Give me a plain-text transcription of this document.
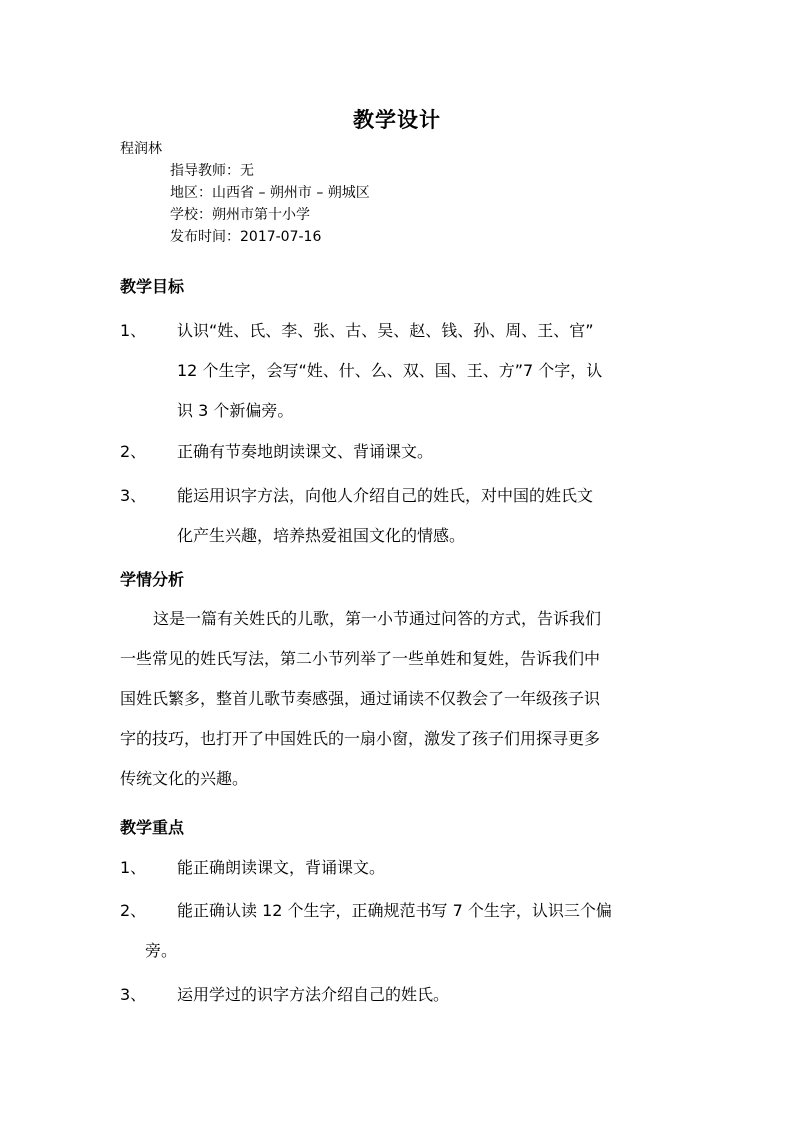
教学设计
程润林
指导教师：无
地区：山西省 – 朔州市 – 朔城区
学校：朔州市第十小学
发布时间：2017-07-16
教学目标
1、 认识“姓、氏、李、张、古、吴、赵、钱、孙、周、王、官”
12 个生字，会写“姓、什、么、双、国、王、方”7 个字，认
识 3 个新偏旁。
2、 正确有节奏地朗读课文、背诵课文。
3、 能运用识字方法，向他人介绍自己的姓氏，对中国的姓氏文
化产生兴趣，培养热爱祖国文化的情感。
学情分析
这是一篇有关姓氏的儿歌，第一小节通过问答的方式，告诉我们
一些常见的姓氏写法，第二小节列举了一些单姓和复姓，告诉我们中
国姓氏繁多，整首儿歌节奏感强，通过诵读不仅教会了一年级孩子识
字的技巧，也打开了中国姓氏的一扇小窗，激发了孩子们用探寻更多
传统文化的兴趣。
教学重点
1、 能正确朗读课文，背诵课文。
2、 能正确认读 12 个生字，正确规范书写 7 个生字，认识三个偏
旁。
3、 运用学过的识字方法介绍自己的姓氏。
